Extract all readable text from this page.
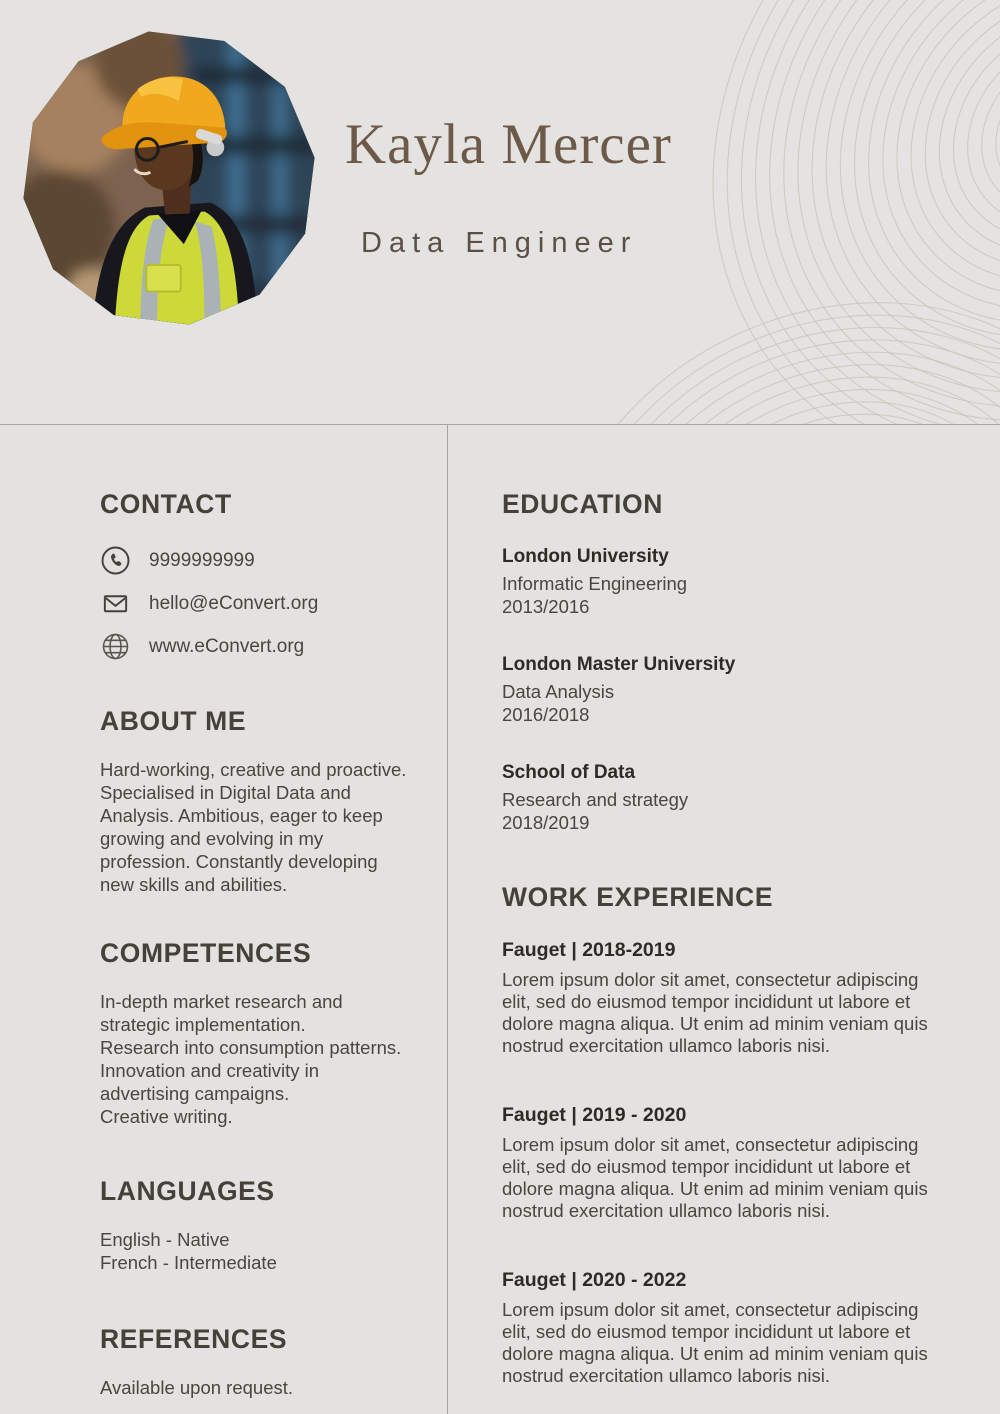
Kayla Mercer
Data Engineer
CONTACT
9999999999
hello@eConvert.org
www.eConvert.org
ABOUT ME

Hard-working, creative and proactive. Specialised in Digital Data and Analysis. Ambitious, eager to keep growing and evolving in my profession. Constantly developing new skills and abilities.

COMPETENCES

In-depth market research and strategic implementation.

Research into consumption patterns.

Innovation and creativity in advertising campaigns.

Creative writing.

LANGUAGES

English - Native

French - Intermediate

REFERENCES

Available upon request.

EDUCATION

London University

Informatic Engineering

2013/2016

London Master University

Data Analysis

2016/2018

School of Data

Research and strategy

2018/2019

WORK EXPERIENCE

Fauget | 2018-2019

Lorem ipsum dolor sit amet, consectetur adipiscing elit, sed do eiusmod tempor incididunt ut labore et dolore magna aliqua. Ut enim ad minim veniam quis nostrud exercitation ullamco laboris nisi.

Fauget | 2019 - 2020

Lorem ipsum dolor sit amet, consectetur adipiscing elit, sed do eiusmod tempor incididunt ut labore et dolore magna aliqua. Ut enim ad minim veniam quis nostrud exercitation ullamco laboris nisi.

Fauget | 2020 - 2022

Lorem ipsum dolor sit amet, consectetur adipiscing elit, sed do eiusmod tempor incididunt ut labore et dolore magna aliqua. Ut enim ad minim veniam quis nostrud exercitation ullamco laboris nisi.
